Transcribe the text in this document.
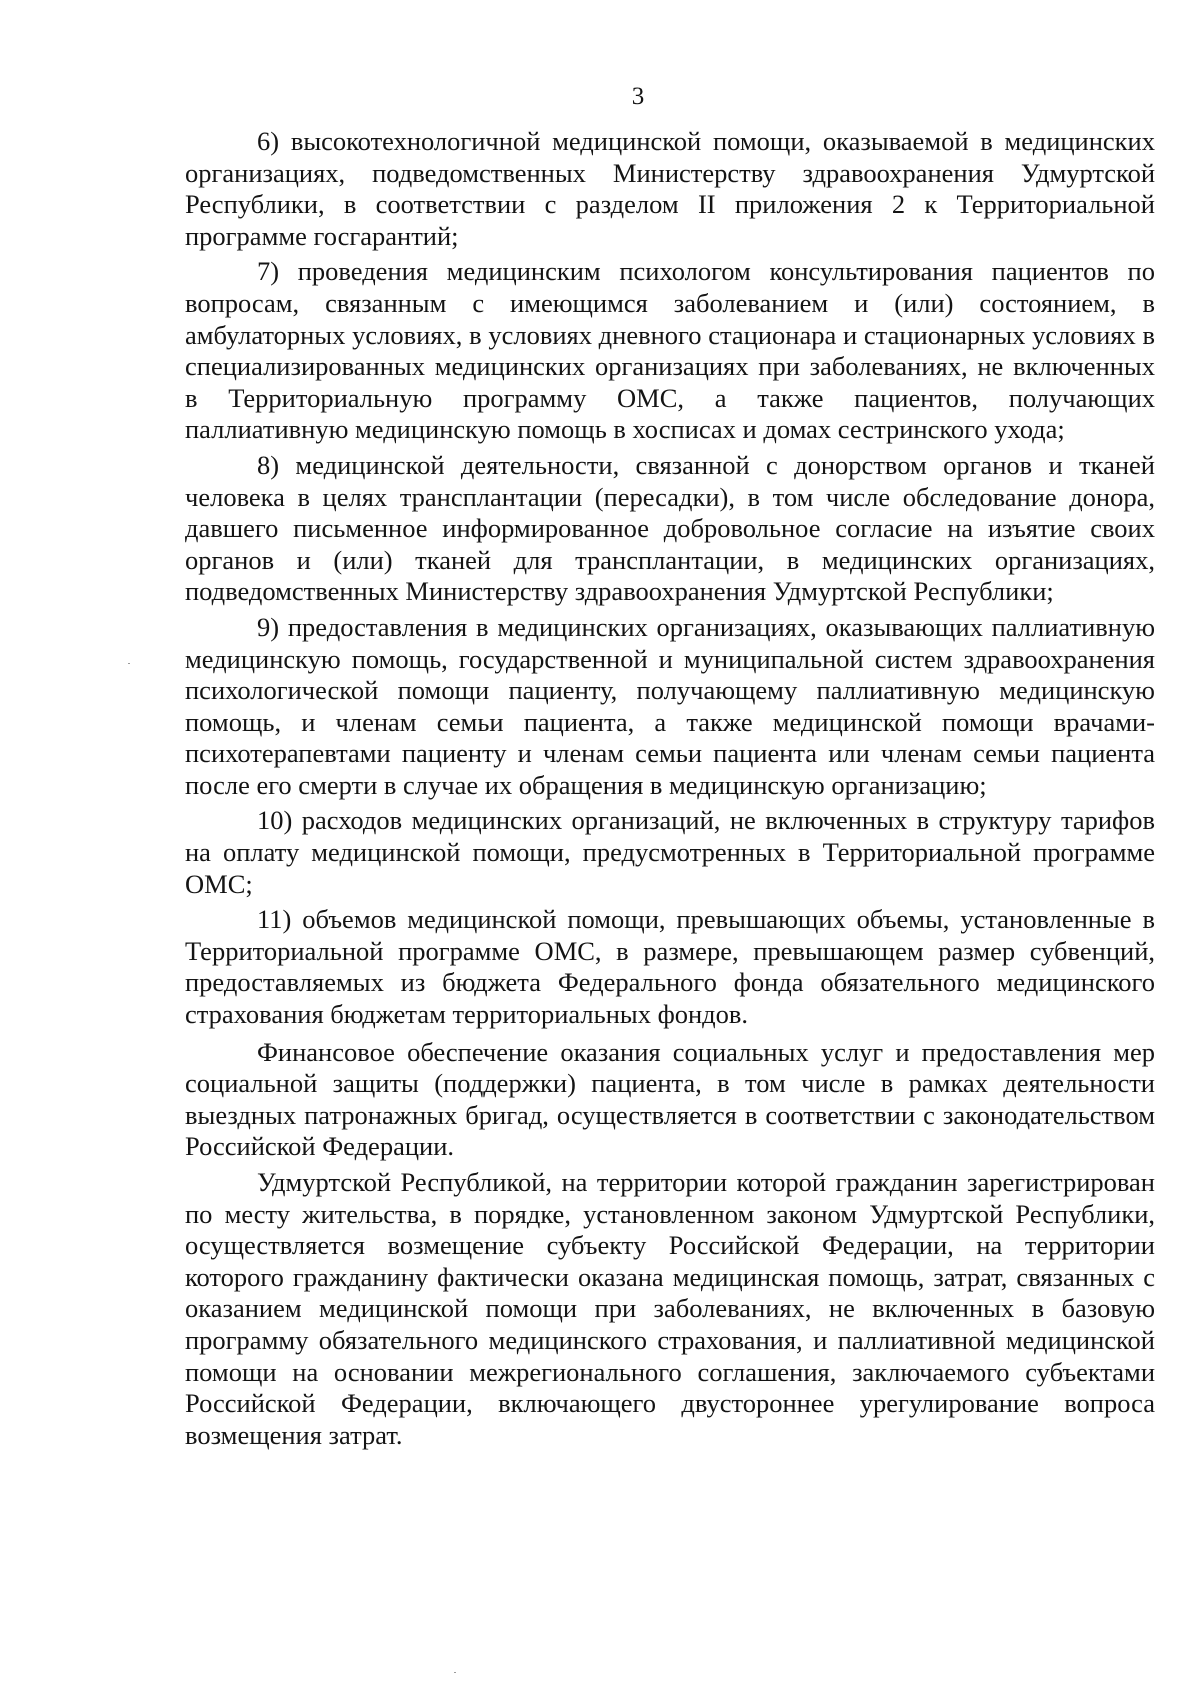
3

6) высокотехнологичной медицинской помощи, оказываемой в медицинских организациях, подведомственных Министерству здравоохранения Удмуртской Республики, в соответствии с разделом II приложения 2 к Территориальной программе госгарантий;

7) проведения медицинским психологом консультирования пациентов по вопросам, связанным с имеющимся заболеванием и (или) состоянием, в амбулаторных условиях, в условиях дневного стационара и стационарных условиях в специализированных медицинских организациях при заболеваниях, не включенных в Территориальную программу ОМС, а также пациентов, получающих паллиативную медицинскую помощь в хосписах и домах сестринского ухода;

8) медицинской деятельности, связанной с донорством органов и тканей человека в целях трансплантации (пересадки), в том числе обследование донора, давшего письменное информированное добровольное согласие на изъятие своих органов и (или) тканей для трансплантации, в медицинских организациях, подведомственных Министерству здравоохранения Удмуртской Республики;

9) предоставления в медицинских организациях, оказывающих паллиативную медицинскую помощь, государственной и муниципальной систем здравоохранения психологической помощи пациенту, получающему паллиативную медицинскую помощь, и членам семьи пациента, а также медицинской помощи врачами-психотерапевтами пациенту и членам семьи пациента или членам семьи пациента после его смерти в случае их обращения в медицинскую организацию;

10) расходов медицинских организаций, не включенных в структуру тарифов на оплату медицинской помощи, предусмотренных в Территориальной программе ОМС;

11) объемов медицинской помощи, превышающих объемы, установленные в Территориальной программе ОМС, в размере, превышающем размер субвенций, предоставляемых из бюджета Федерального фонда обязательного медицинского страхования бюджетам территориальных фондов.

Финансовое обеспечение оказания социальных услуг и предоставления мер социальной защиты (поддержки) пациента, в том числе в рамках деятельности выездных патронажных бригад, осуществляется в соответствии с законодательством Российской Федерации.

Удмуртской Республикой, на территории которой гражданин зарегистрирован по месту жительства, в порядке, установленном законом Удмуртской Республики, осуществляется возмещение субъекту Российской Федерации, на территории которого гражданину фактически оказана медицинская помощь, затрат, связанных с оказанием медицинской помощи при заболеваниях, не включенных в базовую программу обязательного медицинского страхования, и паллиативной медицинской помощи на основании межрегионального соглашения, заключаемого субъектами Российской Федерации, включающего двустороннее урегулирование вопроса возмещения затрат.
